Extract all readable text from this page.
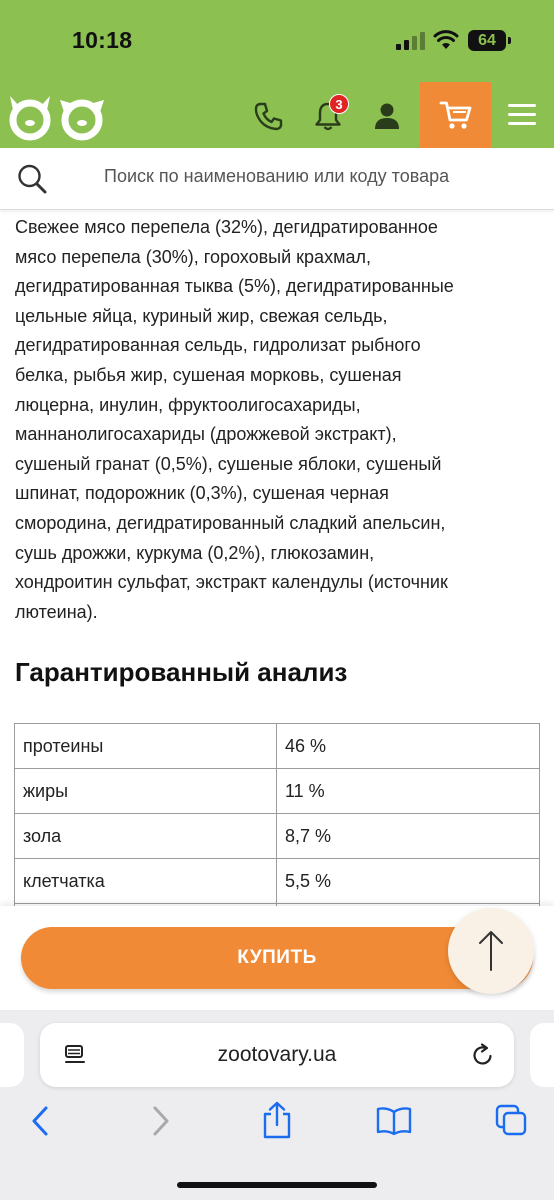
10:18	64
3
Поиск по наименованию или коду товара
Свежее мясо перепела (32%), дегидратированное
мясо перепела (30%), гороховый крахмал,
дегидратированная тыква (5%), дегидратированные
цельные яйца, куриный жир, свежая сельдь,
дегидратированная сельдь, гидролизат рыбного
белка, рыбья жир, сушеная морковь, сушеная
люцерна, инулин, фруктоолигосахариды,
маннанолигосахариды (дрожжевой экстракт),
сушеный гранат (0,5%), сушеные яблоки, сушеный
шпинат, подорожник (0,3%), сушеная черная
смородина, дегидратированный сладкий апельсин,
сушь дрожжи, куркума (0,2%), глюкозамин,
хондроитин сульфат, экстракт календулы (источник
лютеина).
Гарантированный анализ
протеины	46 %
жиры	11 %
зола	8,7 %
клетчатка	5,5 %

КУПИТЬ
zootovary.ua
